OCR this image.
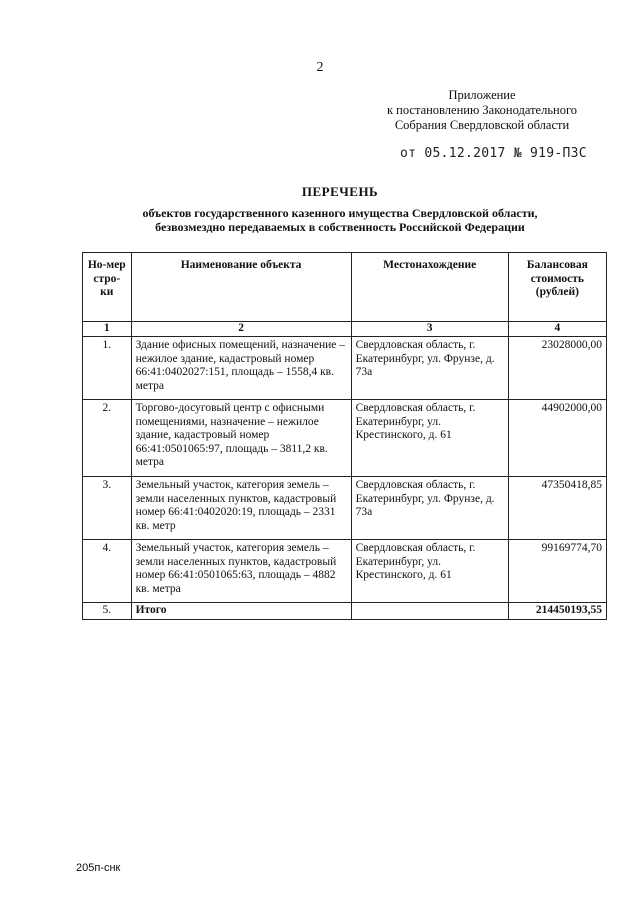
2
Приложение
к постановлению Законодательного
Собрания Свердловской области
от 05.12.2017 № 919-ПЗС
ПЕРЕЧЕНЬ
объектов государственного казенного имущества Свердловской области,
безвозмездно передаваемых в собственность Российской Федерации
Но-мер стро-ки	Наименование объекта	Местонахождение	Балансовая стоимость (рублей)
1	2	3	4
1.	Здание офисных помещений, назначение – нежилое здание, кадастровый номер 66:41:0402027:151, площадь – 1558,4 кв. метра	Свердловская область, г. Екатеринбург, ул. Фрунзе, д. 73а	23028000,00
2.	Торгово-досуговый центр с офисными помещениями, назначение – нежилое здание, кадастровый номер 66:41:0501065:97, площадь – 3811,2 кв. метра	Свердловская область, г. Екатеринбург, ул. Крестинского, д. 61	44902000,00
3.	Земельный участок, категория земель – земли населенных пунктов, кадастровый номер 66:41:0402020:19, площадь – 2331 кв. метр	Свердловская область, г. Екатеринбург, ул. Фрунзе, д. 73а	47350418,85
4.	Земельный участок, категория земель – земли населенных пунктов, кадастровый номер 66:41:0501065:63, площадь – 4882 кв. метра	Свердловская область, г. Екатеринбург, ул. Крестинского, д. 61	99169774,70
5.	Итого		214450193,55
205п-снк
